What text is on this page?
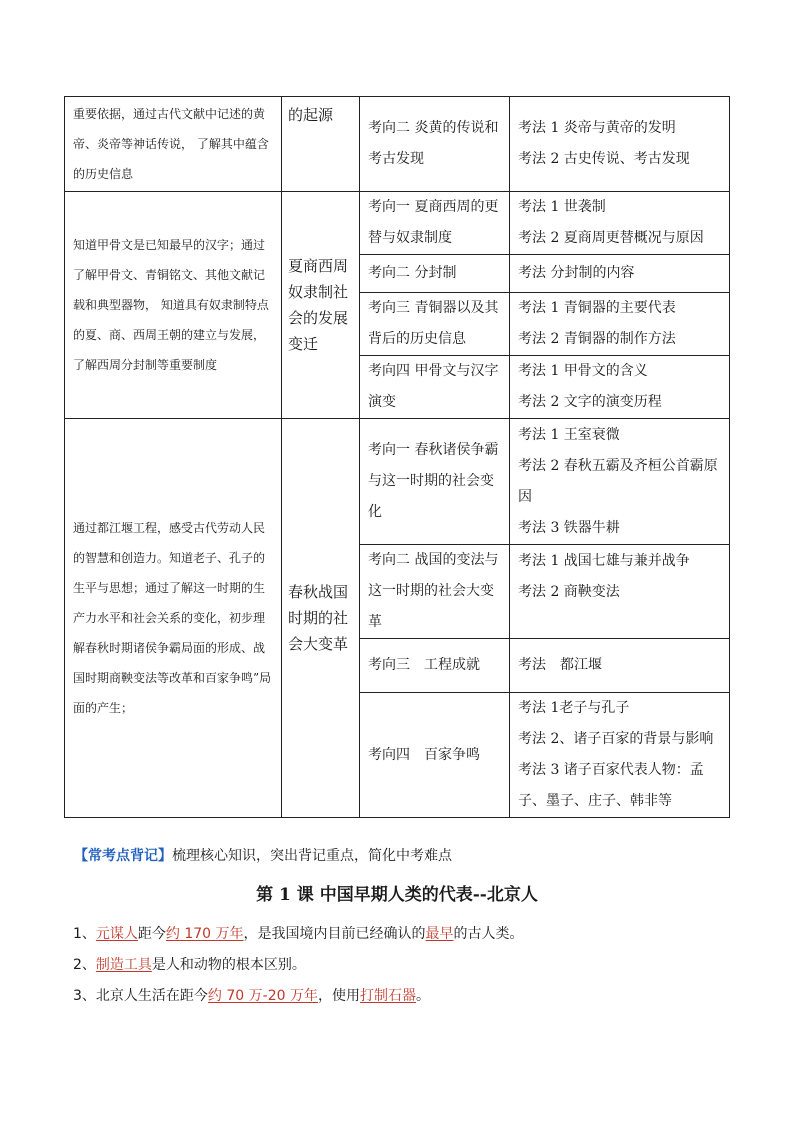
重要依据，通过古代文献中记述的黄帝、炎帝等神话传说， 了解其中蕴含的历史信息	的起源	考向二 炎黄的传说和考古发现	考法 1 炎帝与黄帝的发明
考法 2 古史传说、考古发现

知道甲骨文是已知最早的汉字；通过了解甲骨文、青铜铭文、其他文献记载和典型器物， 知道具有奴隶制特点的夏、商、西周王朝的建立与发展，了解西周分封制等重要制度	夏商西周奴隶制社会的发展变迁	考向一 夏商西周的更替与奴隶制度	考法 1 世袭制
考法 2 夏商周更替概况与原因

		考向二 分封制	考法 分封制的内容

		考向三 青铜器以及其背后的历史信息	考法 1 青铜器的主要代表
考法 2 青铜器的制作方法

		考向四 甲骨文与汉字演变	考法 1 甲骨文的含义
考法 2 文字的演变历程

通过都江堰工程，感受古代劳动人民的智慧和创造力。知道老子、孔子的生平与思想；通过了解这一时期的生产力水平和社会关系的变化，初步理解春秋时期诸侯争霸局面的形成、战国时期商鞅变法等改革和百家争鸣”局面的产生；	春秋战国时期的社会大变革	考向一 春秋诸侯争霸与这一时期的社会变化	考法 1 王室衰微
考法 2 春秋五霸及齐桓公首霸原因
考法 3 铁器牛耕

		考向二 战国的变法与这一时期的社会大变革	考法 1 战国七雄与兼并战争
考法 2 商鞅变法

		考向三　工程成就	考法　都江堰

		考向四　百家争鸣	考法 1老子与孔子
考法 2、诸子百家的背景与影响
考法 3 诸子百家代表人物：孟子、墨子、庄子、韩非等
【常考点背记】梳理核心知识，突出背记重点，简化中考难点
第 1 课 中国早期人类的代表--北京人
1、元谋人距今约 170 万年，是我国境内目前已经确认的最早的古人类。
2、制造工具是人和动物的根本区别。
3、北京人生活在距今约 70 万-20 万年，使用打制石器。
